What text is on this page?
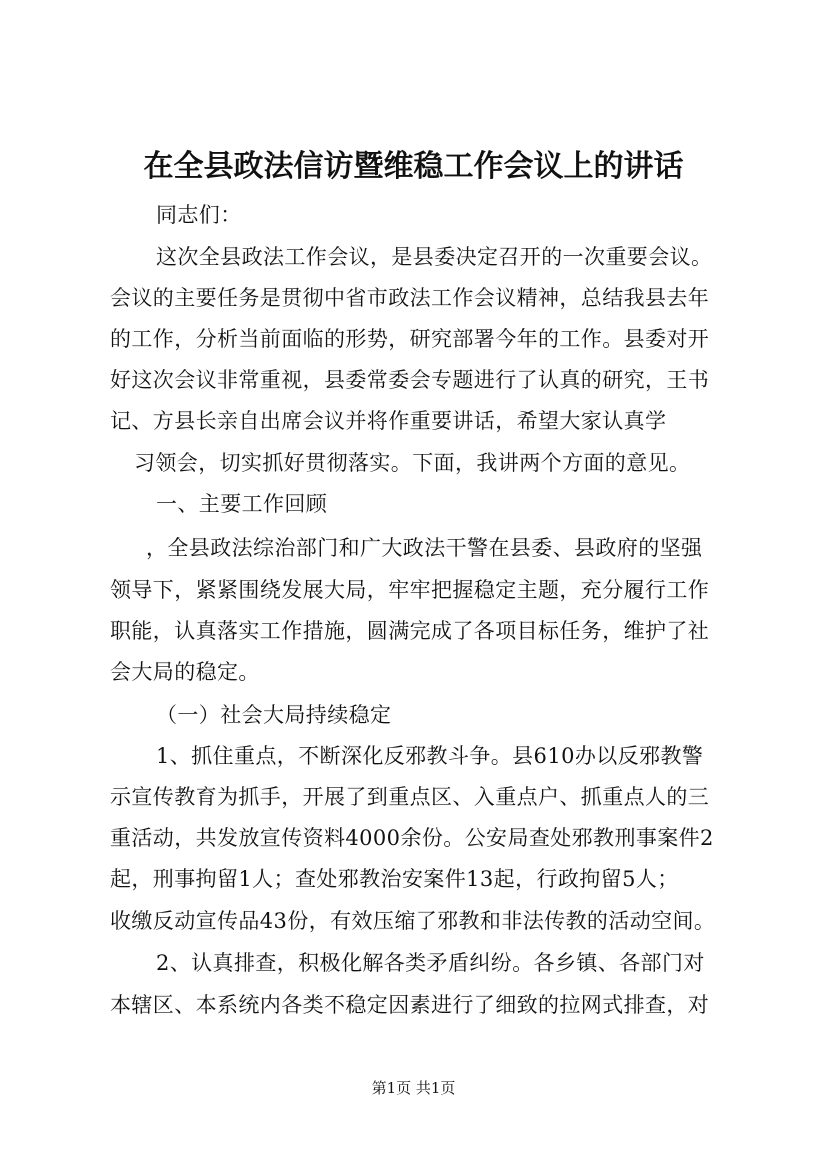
在全县政法信访暨维稳工作会议上的讲话
同志们：
这次全县政法工作会议，是县委决定召开的一次重要会议。
会议的主要任务是贯彻中省市政法工作会议精神，总结我县去年
的工作，分析当前面临的形势，研究部署今年的工作。县委对开
好这次会议非常重视，县委常委会专题进行了认真的研究，王书
记、方县长亲自出席会议并将作重要讲话，希望大家认真学
习领会，切实抓好贯彻落实。下面，我讲两个方面的意见。
一、主要工作回顾
，全县政法综治部门和广大政法干警在县委、县政府的坚强
领导下，紧紧围绕发展大局，牢牢把握稳定主题，充分履行工作
职能，认真落实工作措施，圆满完成了各项目标任务，维护了社
会大局的稳定。
（一）社会大局持续稳定
1、抓住重点，不断深化反邪教斗争。县610办以反邪教警
示宣传教育为抓手，开展了到重点区、入重点户、抓重点人的三
重活动，共发放宣传资料4000余份。公安局查处邪教刑事案件2
起，刑事拘留1人；查处邪教治安案件13起，行政拘留5人；
收缴反动宣传品43份，有效压缩了邪教和非法传教的活动空间。
2、认真排查，积极化解各类矛盾纠纷。各乡镇、各部门对
本辖区、本系统内各类不稳定因素进行了细致的拉网式排查，对
第1页 共1页
